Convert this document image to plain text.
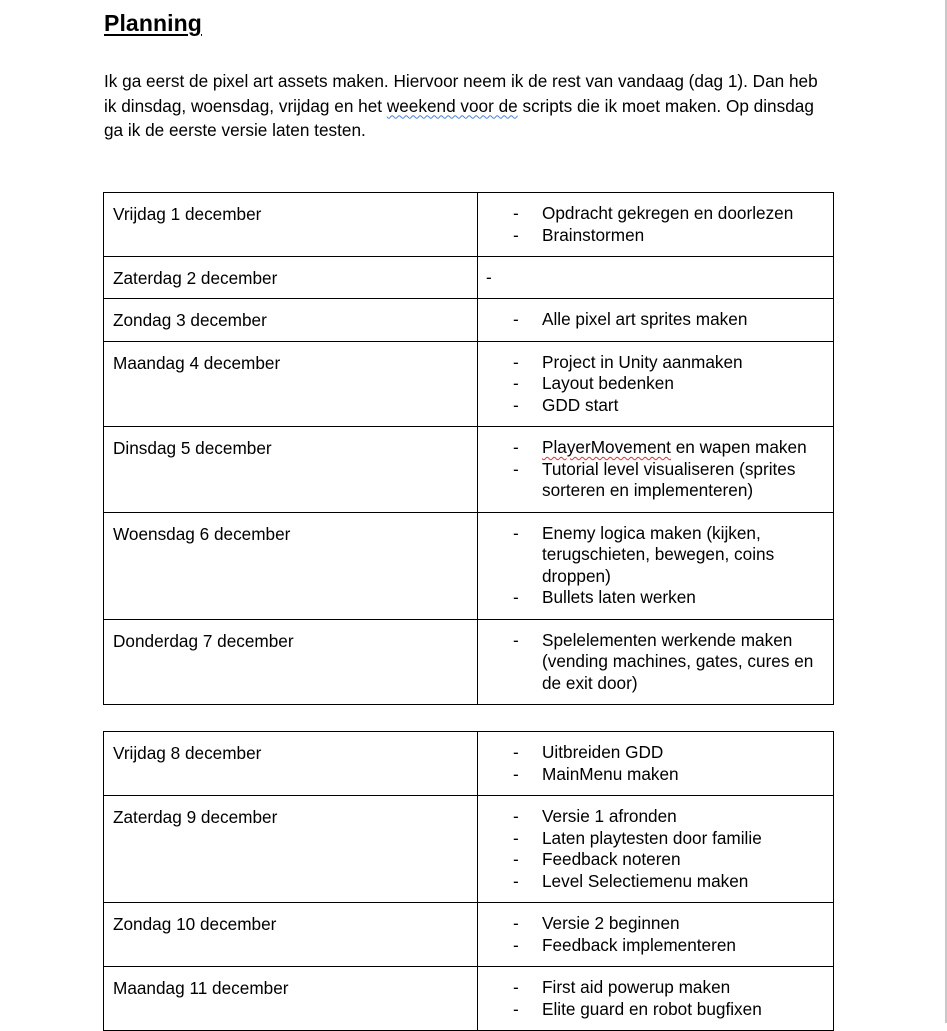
Planning

Ik ga eerst de pixel art assets maken. Hiervoor neem ik de rest van vandaag (dag 1). Dan heb ik dinsdag, woensdag, vrijdag en het weekend voor de scripts die ik moet maken. Op dinsdag ga ik de eerste versie laten testen.

Vrijdag 1 december	- Opdracht gekregen en doorlezen
- Brainstormen

Zaterdag 2 december	-
Zondag 3 december	- Alle pixel art sprites maken

Maandag 4 december	- Project in Unity aanmaken
- Layout bedenken
- GDD start

Dinsdag 5 december	- PlayerMovement en wapen maken
- Tutorial level visualiseren (sprites sorteren en implementeren)

Woensdag 6 december	- Enemy logica maken (kijken, terugschieten, bewegen, coins droppen)
- Bullets laten werken

Donderdag 7 december	- Spelelementen werkende maken (vending machines, gates, cures en de exit door)
Vrijdag 8 december	- Uitbreiden GDD
- MainMenu maken

Zaterdag 9 december	- Versie 1 afronden
- Laten playtesten door familie
- Feedback noteren
- Level Selectiemenu maken

Zondag 10 december	- Versie 2 beginnen
- Feedback implementeren

Maandag 11 december	- First aid powerup maken
- Elite guard en robot bugfixen
